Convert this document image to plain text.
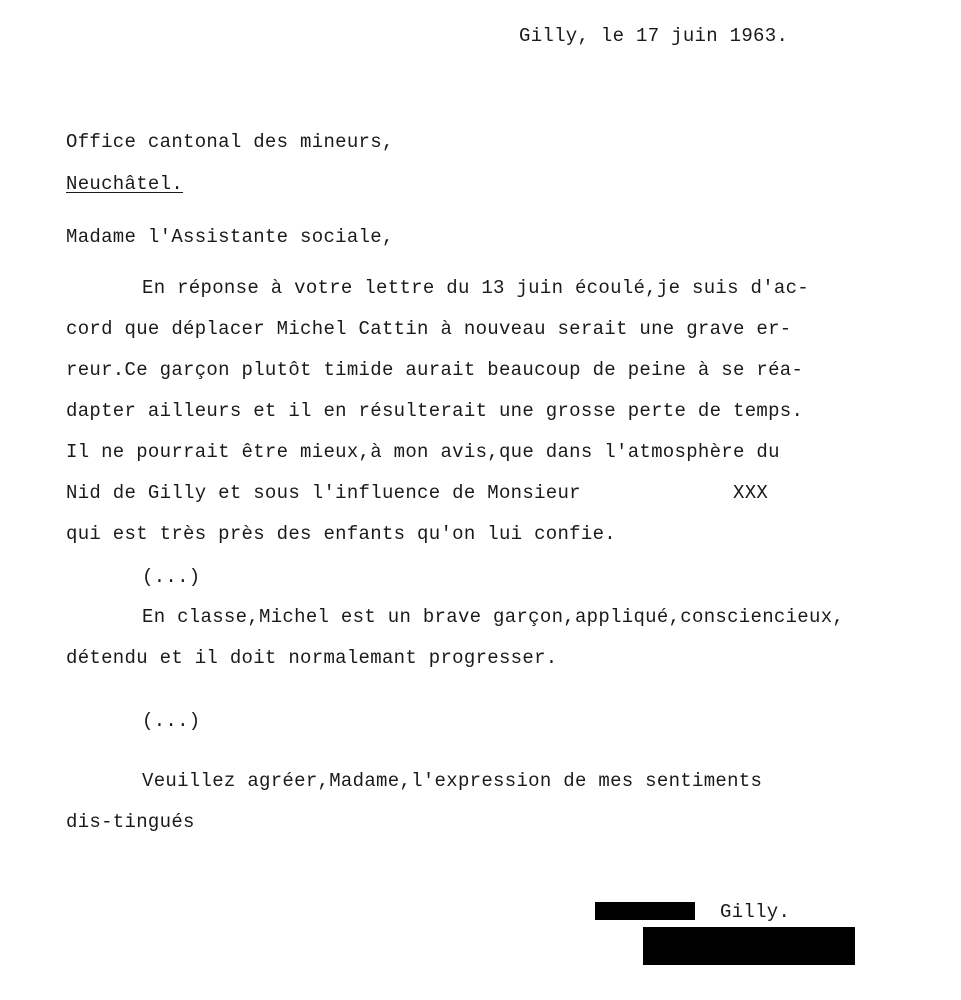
Gilly, le 17 juin 1963.
Office cantonal des mineurs,
Neuchâtel.
Madame l'Assistante sociale,
En réponse à votre lettre du 13 juin écoulé,je suis d'ac-
cord que déplacer Michel Cattin à nouveau serait une grave er-
reur.Ce garçon plutôt timide aurait beaucoup de peine à se réa-
dapter ailleurs et il en résulterait une grosse perte de temps.
Il ne pourrait être mieux,à mon avis,que dans l'atmosphère du
Nid de Gilly et sous l'influence de Monsieur	XXX
qui est très près des enfants qu'on lui confie.
(...)
En classe,Michel est un brave garçon,appliqué,consciencieux,
détendu et il doit normalemant progresser.
(...)
Veuillez agréer,Madame,l'expression de mes sentiments
dis-tingués
Gilly.
